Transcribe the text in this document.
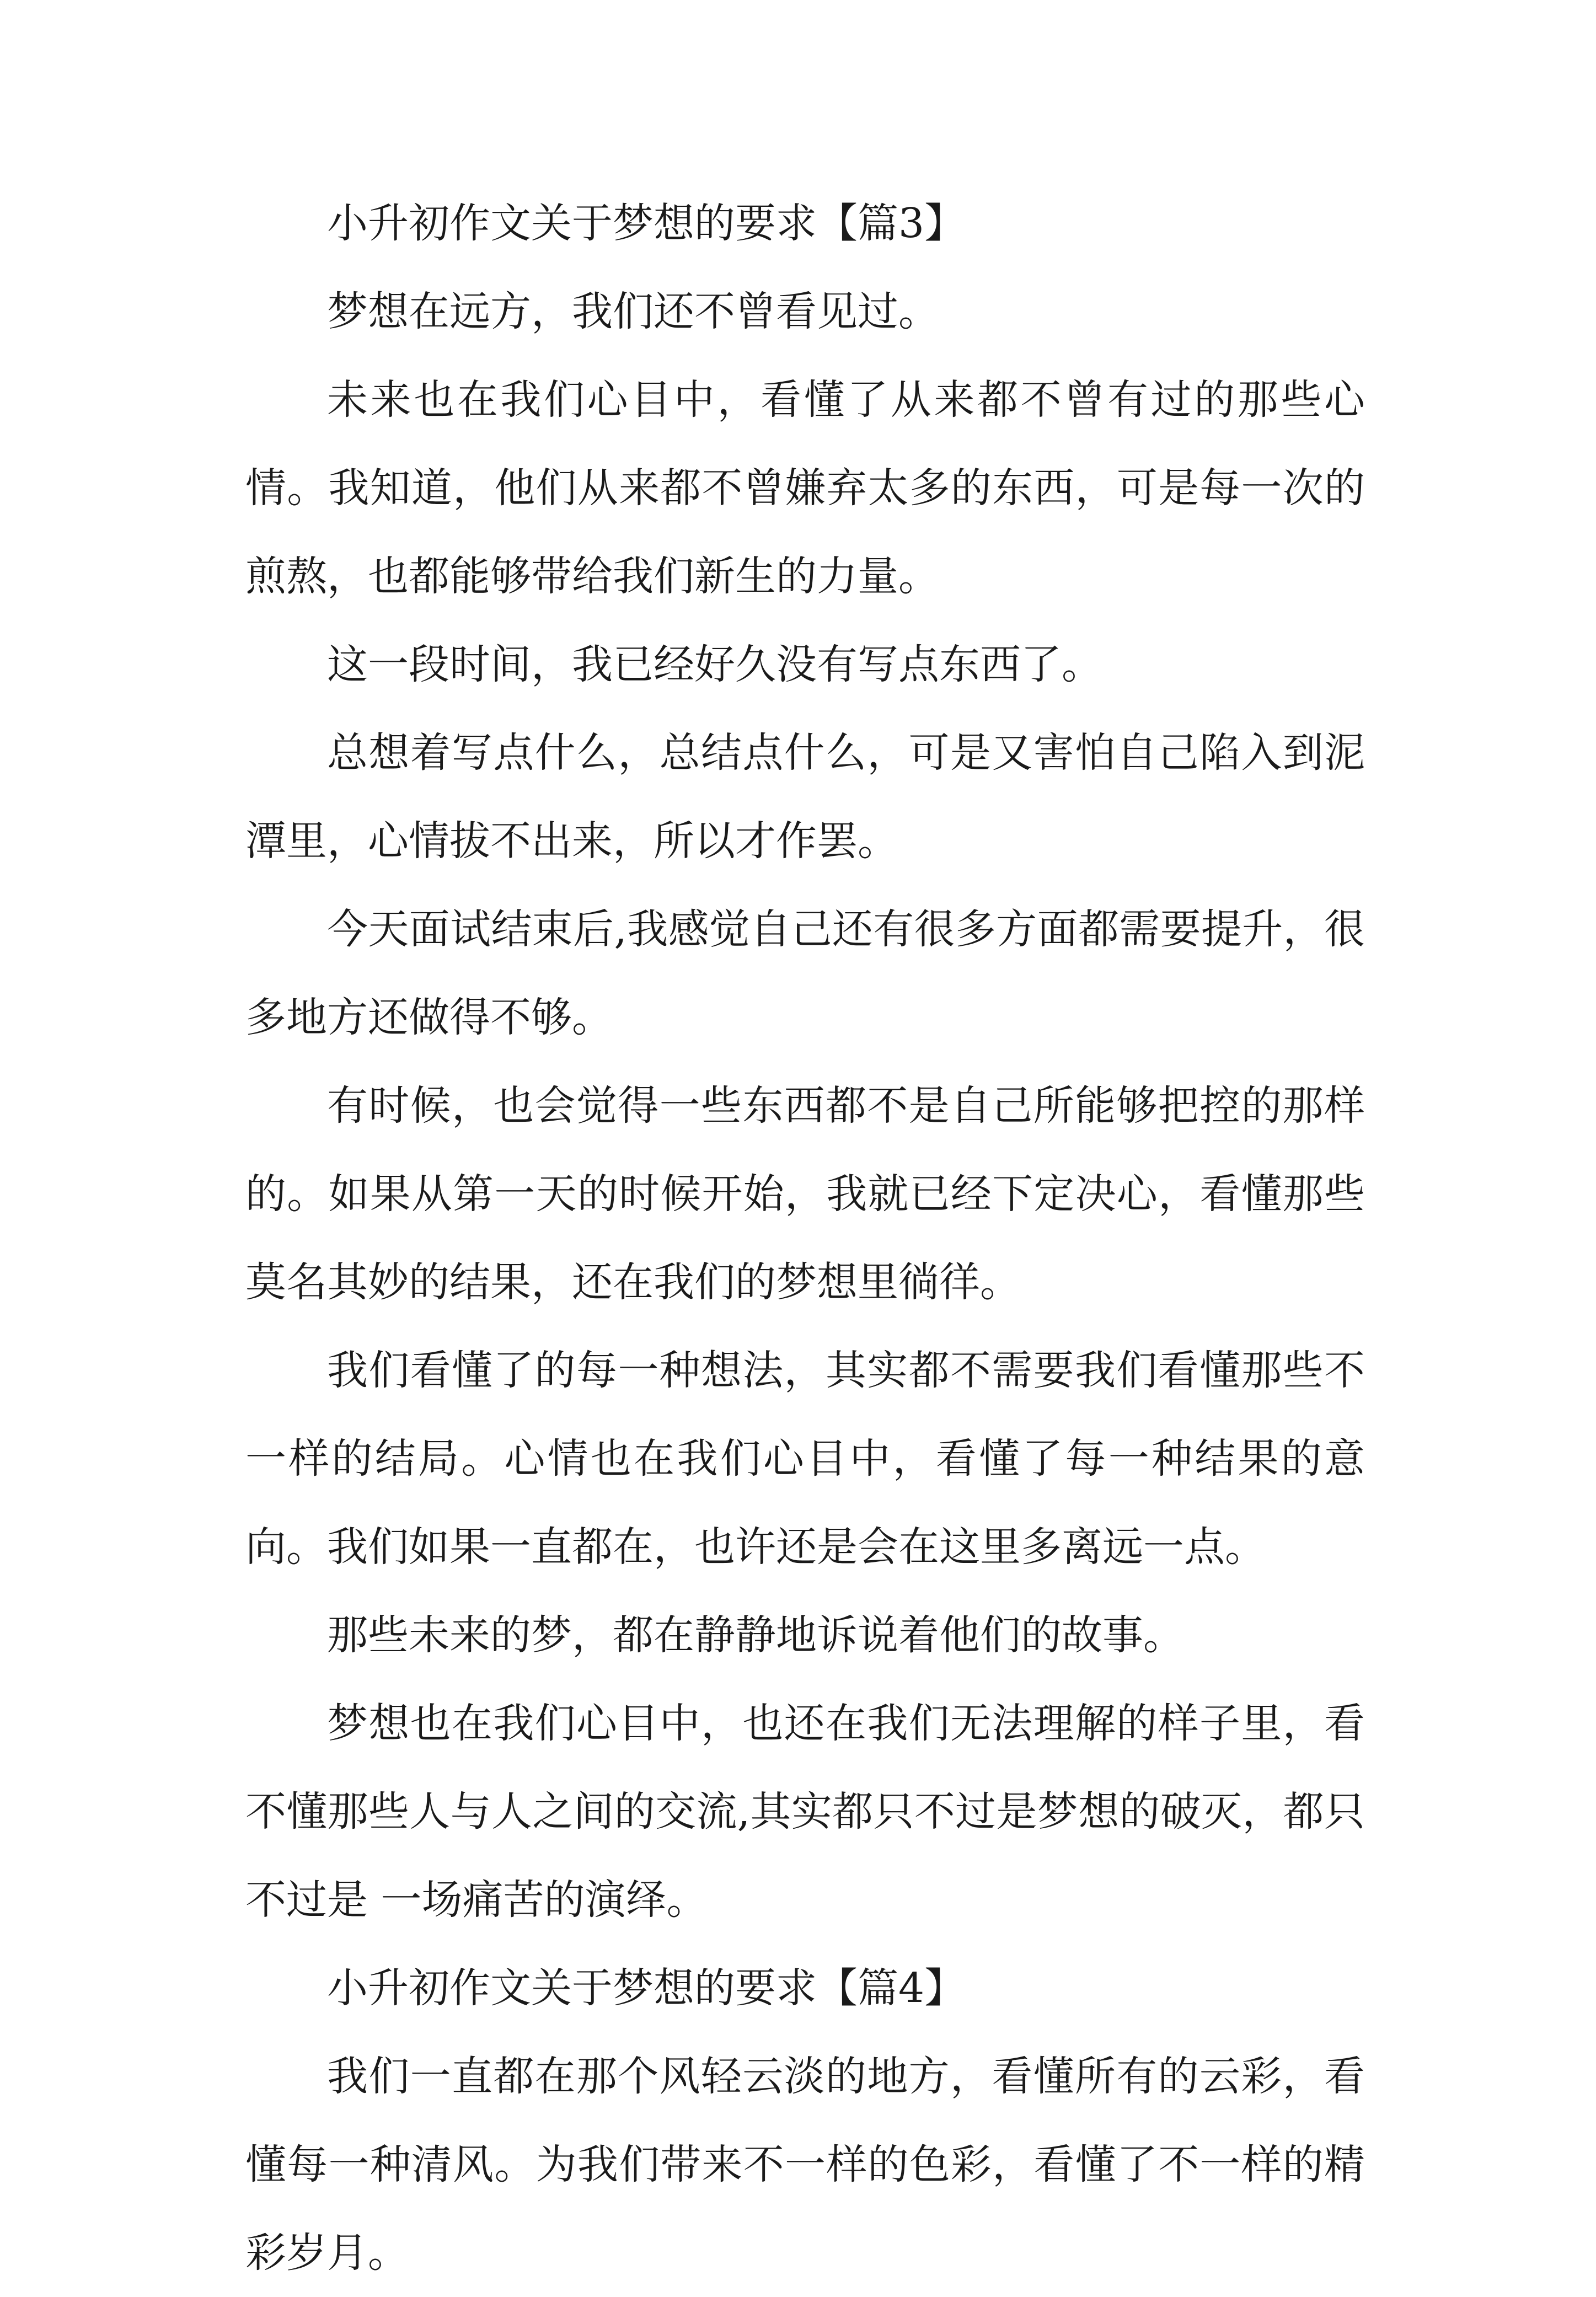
小升初作文关于梦想的要求【篇3】

梦想在远方，我们还不曾看见过。

未来也在我们心目中，看懂了从来都不曾有过的那些心情。我知道，他们从来都不曾嫌弃太多的东西，可是每一次的煎熬，也都能够带给我们新生的力量。

这一段时间，我已经好久没有写点东西了。

总想着写点什么，总结点什么，可是又害怕自己陷入到泥潭里，心情拔不出来，所以才作罢。

今天面试结束后,我感觉自己还有很多方面都需要提升，很多地方还做得不够。

有时候，也会觉得一些东西都不是自己所能够把控的那样的。如果从第一天的时候开始，我就已经下定决心，看懂那些莫名其妙的结果，还在我们的梦想里徜徉。

我们看懂了的每一种想法，其实都不需要我们看懂那些不一样的结局。心情也在我们心目中，看懂了每一种结果的意向。我们如果一直都在，也许还是会在这里多离远一点。

那些未来的梦，都在静静地诉说着他们的故事。

梦想也在我们心目中，也还在我们无法理解的样子里，看不懂那些人与人之间的交流,其实都只不过是梦想的破灭，都只不过是 一场痛苦的演绎。

小升初作文关于梦想的要求【篇4】

我们一直都在那个风轻云淡的地方，看懂所有的云彩，看懂每一种清风。为我们带来不一样的色彩，看懂了不一样的精彩岁月。
